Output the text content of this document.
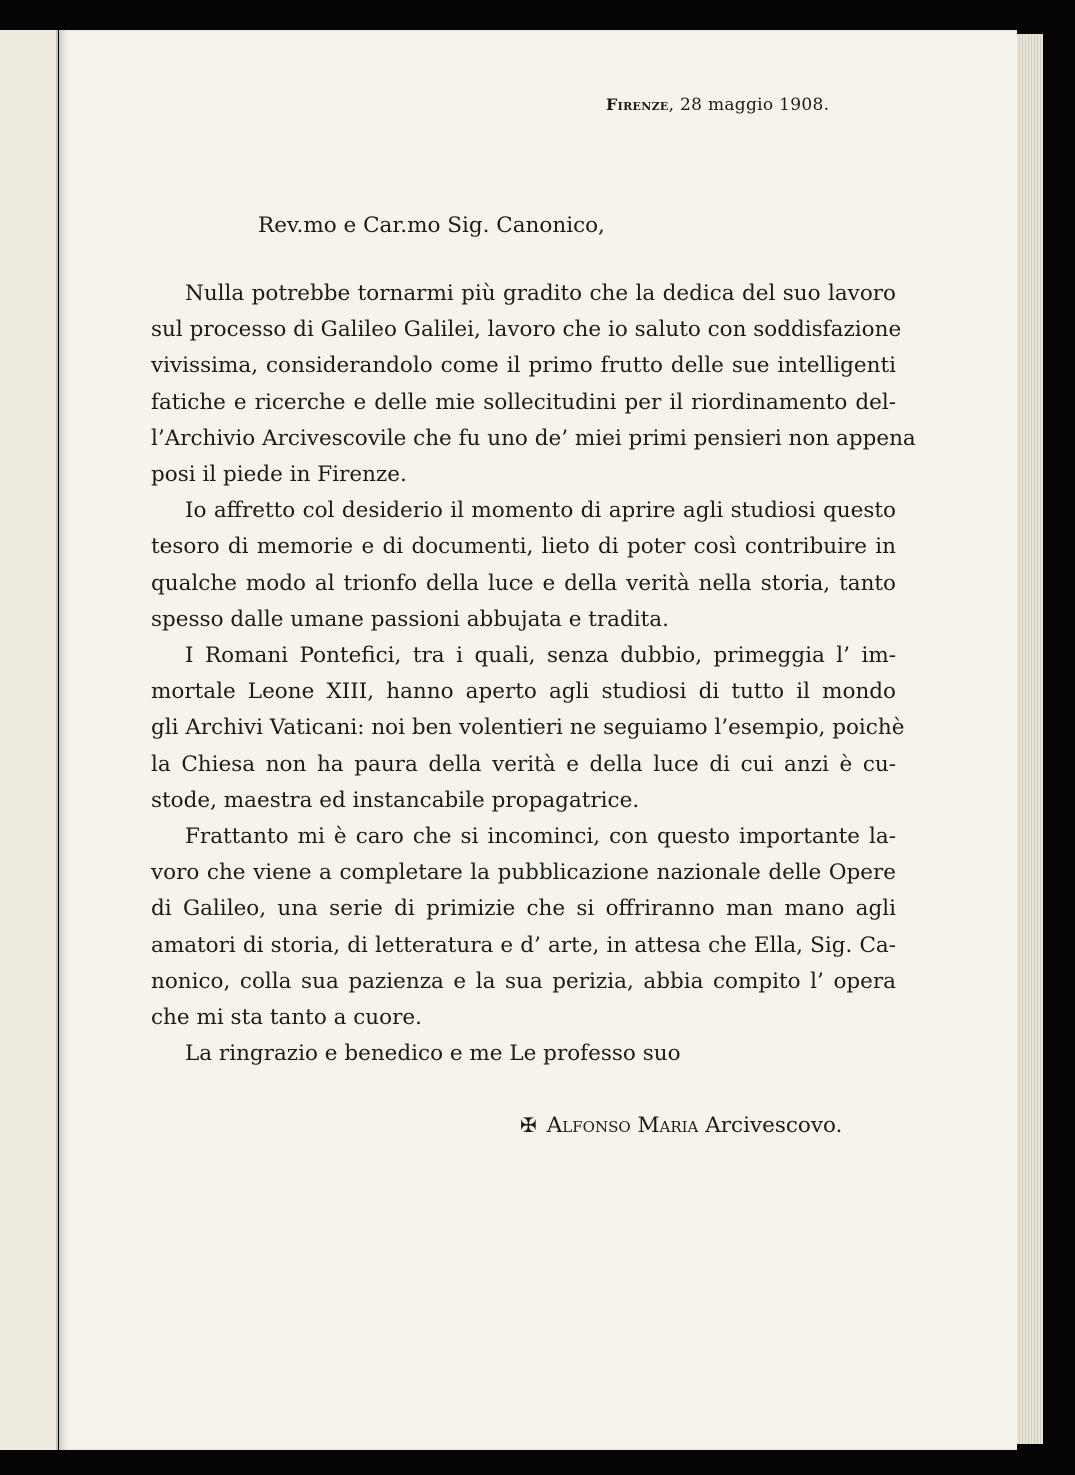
Firenze, 28 maggio 1908.
Rev.mo e Car.mo Sig. Canonico,
Nulla potrebbe tornarmi più gradito che la dedica del suo lavoro
sul processo di Galileo Galilei, lavoro che io saluto con soddisfazione
vivissima, considerandolo come il primo frutto delle sue intelligenti
fatiche e ricerche e delle mie sollecitudini per il riordinamento del-
l’Archivio Arcivescovile che fu uno de’ miei primi pensieri non appena
posi il piede in Firenze.
Io affretto col desiderio il momento di aprire agli studiosi questo
tesoro di memorie e di documenti, lieto di poter così contribuire in
qualche modo al trionfo della luce e della verità nella storia, tanto
spesso dalle umane passioni abbujata e tradita.
I Romani Pontefici, tra i quali, senza dubbio, primeggia l’ im-
mortale Leone XIII, hanno aperto agli studiosi di tutto il mondo
gli Archivi Vaticani: noi ben volentieri ne seguiamo l’esempio, poichè
la Chiesa non ha paura della verità e della luce di cui anzi è cu-
stode, maestra ed instancabile propagatrice.
Frattanto mi è caro che si incominci, con questo importante la-
voro che viene a completare la pubblicazione nazionale delle Opere
di Galileo, una serie di primizie che si offriranno man mano agli
amatori di storia, di letteratura e d’ arte, in attesa che Ella, Sig. Ca-
nonico, colla sua pazienza e la sua perizia, abbia compito l’ opera
che mi sta tanto a cuore.
La ringrazio e benedico e me Le professo suo
✠ Alfonso Maria Arcivescovo.
